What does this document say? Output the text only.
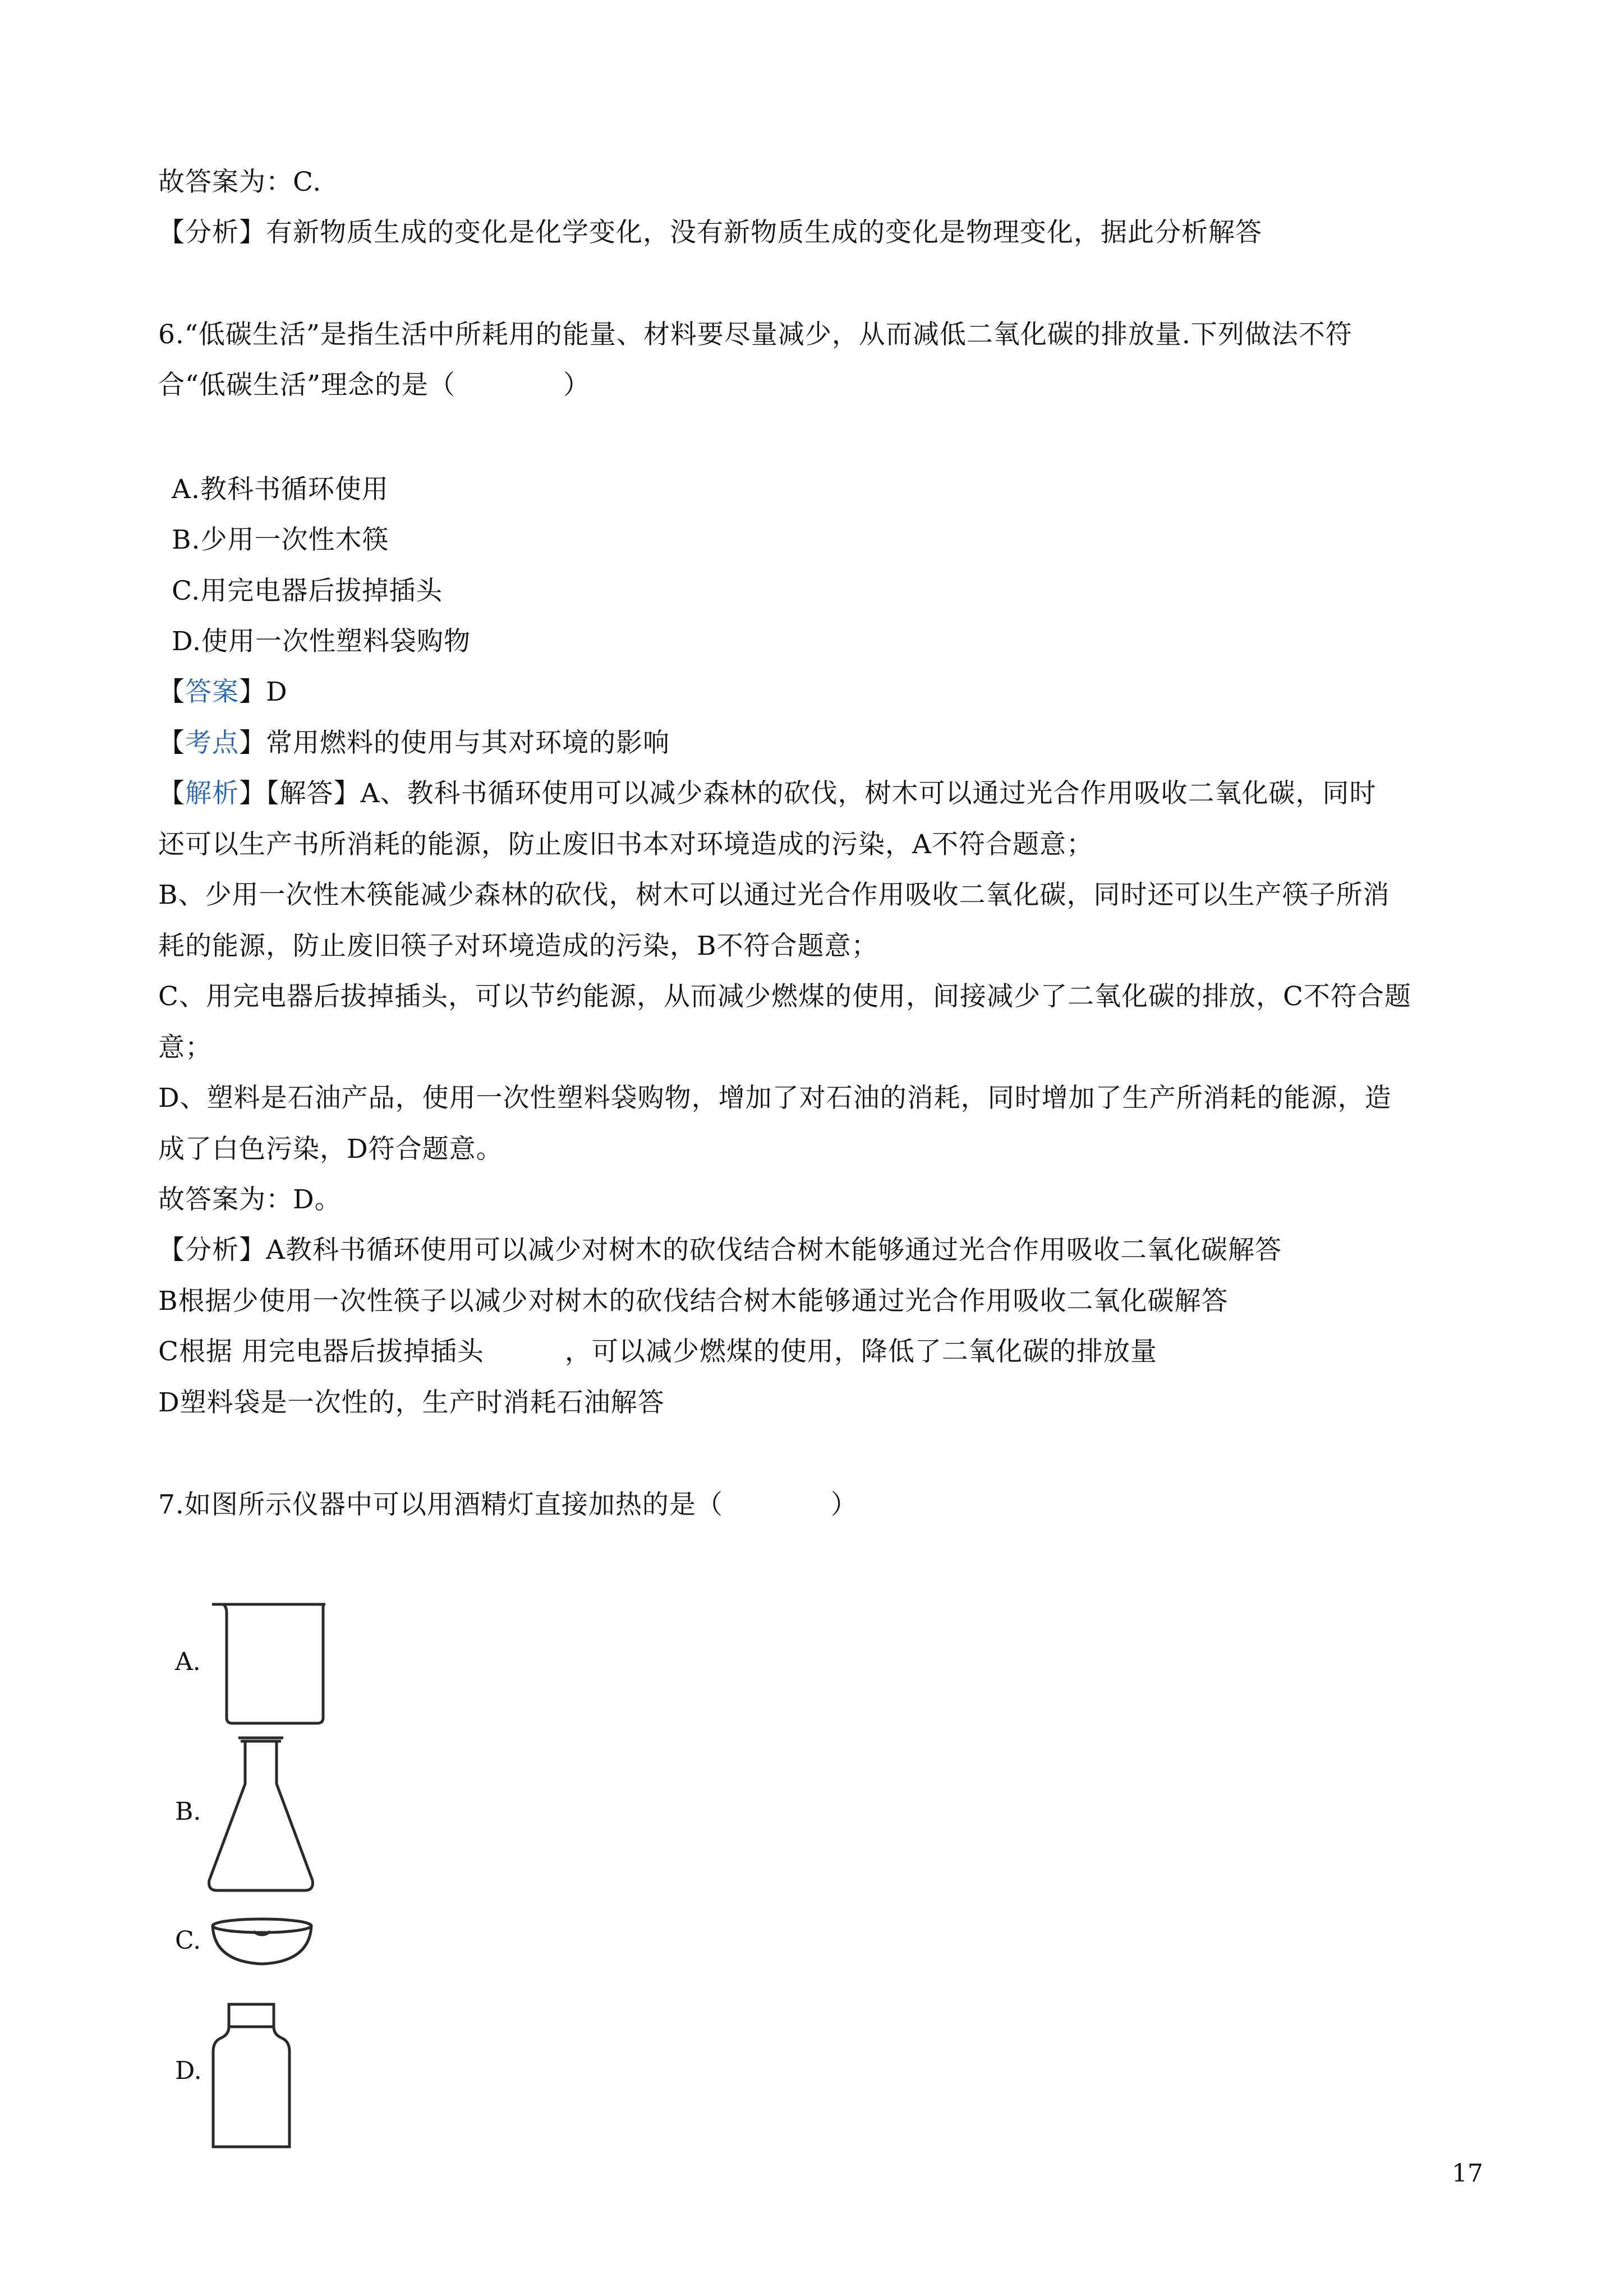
故答案为：C.
【分析】有新物质生成的变化是化学变化，没有新物质生成的变化是物理变化，据此分析解答
6.“低碳生活”是指生活中所耗用的能量、材料要尽量减少，从而减低二氧化碳的排放量.下列做法不符
合“低碳生活”理念的是（　　　　）
A.教科书循环使用
B.少用一次性木筷
C.用完电器后拔掉插头
D.使用一次性塑料袋购物
【答案】D
【考点】常用燃料的使用与其对环境的影响
【解析】【解答】A、教科书循环使用可以减少森林的砍伐，树木可以通过光合作用吸收二氧化碳，同时
还可以生产书所消耗的能源，防止废旧书本对环境造成的污染，A不符合题意；
B、少用一次性木筷能减少森林的砍伐，树木可以通过光合作用吸收二氧化碳，同时还可以生产筷子所消
耗的能源，防止废旧筷子对环境造成的污染，B不符合题意；
C、用完电器后拔掉插头，可以节约能源，从而减少燃煤的使用，间接减少了二氧化碳的排放，C不符合题
意；
D、塑料是石油产品，使用一次性塑料袋购物，增加了对石油的消耗，同时增加了生产所消耗的能源，造
成了白色污染，D符合题意。
故答案为：D。
【分析】A教科书循环使用可以减少对树木的砍伐结合树木能够通过光合作用吸收二氧化碳解答
B根据少使用一次性筷子以减少对树木的砍伐结合树木能够通过光合作用吸收二氧化碳解答
C根据 用完电器后拔掉插头　　　，可以减少燃煤的使用，降低了二氧化碳的排放量
D塑料袋是一次性的，生产时消耗石油解答
7.如图所示仪器中可以用酒精灯直接加热的是（　　　　）
A.
B.
C.
D.
17
